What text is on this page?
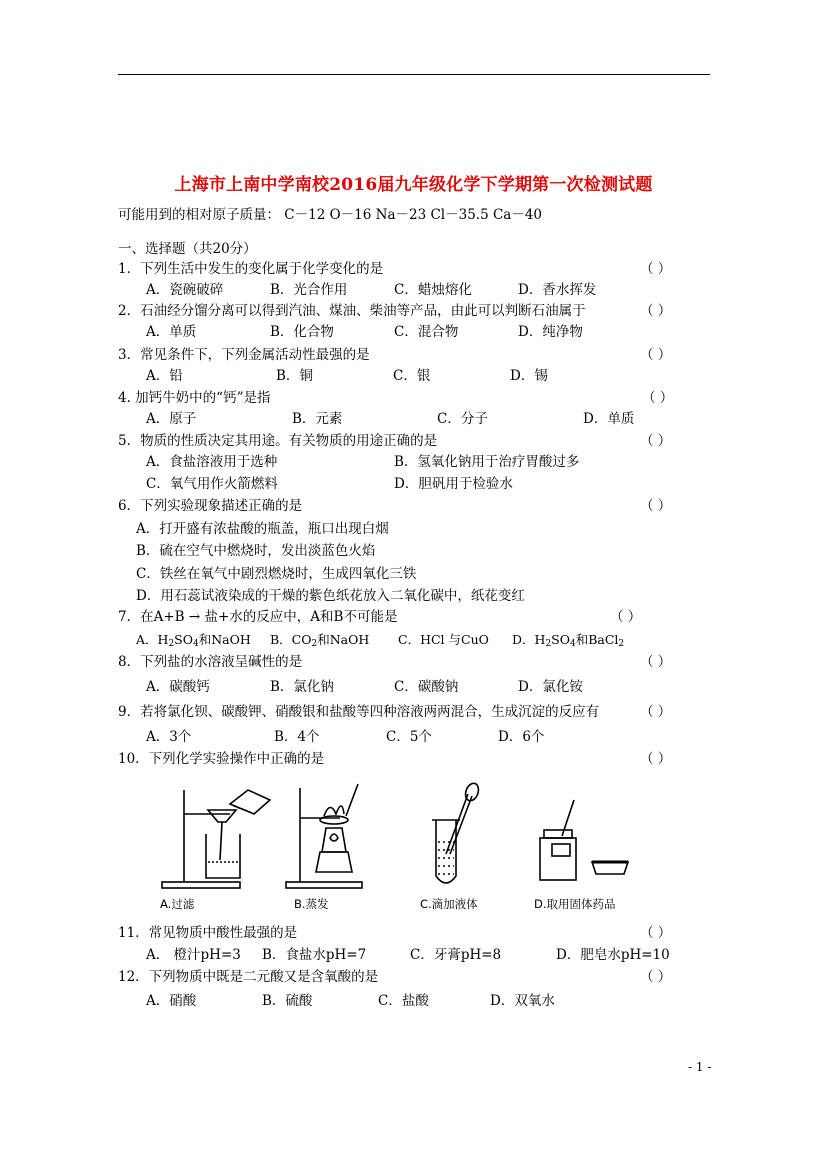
上海市上南中学南校2016届九年级化学下学期第一次检测试题
可能用到的相对原子质量： C－12 O－16 Na－23 Cl－35.5 Ca－40
一、选择题（共20分）
1．下列生活中发生的变化属于化学变化的是	（ ）
A．瓷碗破碎	B．光合作用	C．蜡烛熔化	D．香水挥发
2．石油经分馏分离可以得到汽油、煤油、柴油等产品，由此可以判断石油属于	（ ）
A．单质	B．化合物	C．混合物	D．纯净物
3．常见条件下，下列金属活动性最强的是	（ ）
A．铅	B．铜	C．银	D．锡
4. 加钙牛奶中的“钙”是指	（ ）
A．原子	B．元素	C．分子	D．单质
5．物质的性质决定其用途。有关物质的用途正确的是	（ ）
A．食盐溶液用于选种	B．氢氧化钠用于治疗胃酸过多
C．氧气用作火箭燃料	D．胆矾用于检验水
6．下列实验现象描述正确的是	（ ）
A．打开盛有浓盐酸的瓶盖，瓶口出现白烟
B．硫在空气中燃烧时，发出淡蓝色火焰
C．铁丝在氧气中剧烈燃烧时，生成四氧化三铁
D．用石蕊试液染成的干燥的紫色纸花放入二氧化碳中，纸花变红
7．在A+B → 盐+水的反应中，A和B不可能是	（ ）
A．$H_2SO_4$和NaOH B．$CO_2$和NaOH C．HCl 与CuO D．$H_2SO_4$和BaCl$_2$
8．下列盐的水溶液呈碱性的是	（ ）
A．碳酸钙	B．氯化钠	C．碳酸钠	D．氯化铵
9．若将氯化钡、碳酸钾、硝酸银和盐酸等四种溶液两两混合，生成沉淀的反应有	（ ）
A．3个	B．4个	C．5个	D．6个
10．下列化学实验操作中正确的是	（ ）
A.过滤	B.蒸发	C.滴加液体	D.取用固体药品
11．常见物质中酸性最强的是	（ ）
A． 橙汁pH=3 B．食盐水pH=7	C．牙膏pH=8	D．肥皂水pH=10
12．下列物质中既是二元酸又是含氧酸的是	（ ）
A．硝酸	B．硫酸	C．盐酸	D．双氧水
- 1 -
